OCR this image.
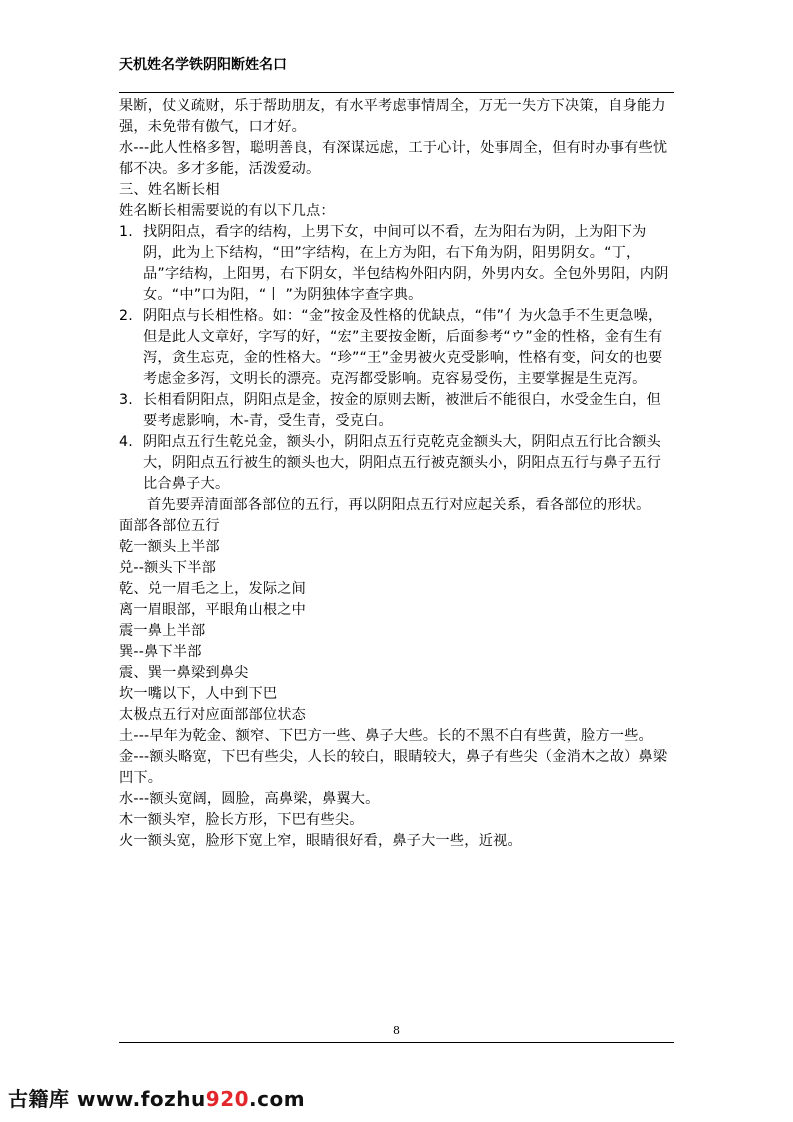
天机姓名学铁阴阳断姓名口

果断，仗义疏财，乐于帮助朋友，有水平考虑事情周全，万无一失方下决策，自身能力强，未免带有傲气，口才好。

水---此人性格多智，聪明善良，有深谋远虑，工于心计，处事周全，但有时办事有些忧郁不决。多才多能，活泼爱动。

三、姓名断长相

姓名断长相需要说的有以下几点：

1. 找阴阳点，看字的结构，上男下女，中间可以不看，左为阳右为阴，上为阳下为阴，此为上下结构，“田”字结构，在上方为阳，右下角为阴，阳男阴女。“丁，品”字结构，上阳男，右下阴女，半包结构外阳内阴，外男内女。全包外男阳，内阴女。“中”口为阳，“丨 ”为阴独体字查字典。
2. 阴阳点与长相性格。如：“金”按金及性格的优缺点，“伟”亻为火急手不生更急噪，但是此人文章好，字写的好，“宏”主要按金断，后面参考“ウ”金的性格，金有生有泻，贪生忘克，金的性格大。“珍”“王”金男被火克受影响，性格有变，问女的也要考虑金多泻，文明长的漂亮。克泻都受影响。克容易受伤，主要掌握是生克泻。
3. 长相看阴阳点，阴阳点是金，按金的原则去断，被泄后不能很白，水受金生白，但要考虑影响，木-青，受生青，受克白。
4. 阴阳点五行生乾兑金，额头小，阴阳点五行克乾克金额头大，阴阳点五行比合额头大，阴阳点五行被生的额头也大，阴阳点五行被克额头小，阴阳点五行与鼻子五行比合鼻子大。

首先要弄清面部各部位的五行，再以阴阳点五行对应起关系，看各部位的形状。

面部各部位五行

乾一额头上半部

兑--额头下半部

乾、兑一眉毛之上，发际之间

离一眉眼部，平眼角山根之中

震一鼻上半部

巽--鼻下半部

震、巽一鼻梁到鼻尖

坎一嘴以下，人中到下巴

太极点五行对应面部部位状态

土---早年为乾金、额窄、下巴方一些、鼻子大些。长的不黑不白有些黄，脸方一些。

金---额头略宽，下巴有些尖，人长的较白，眼睛较大，鼻子有些尖（金消木之故）鼻梁凹下。

水---额头宽阔，圆脸，高鼻梁，鼻翼大。

木一额头窄，脸长方形，下巴有些尖。

火一额头宽，脸形下宽上窄，眼睛很好看，鼻子大一些，近视。

8
古籍库 www.fozhu920.com
